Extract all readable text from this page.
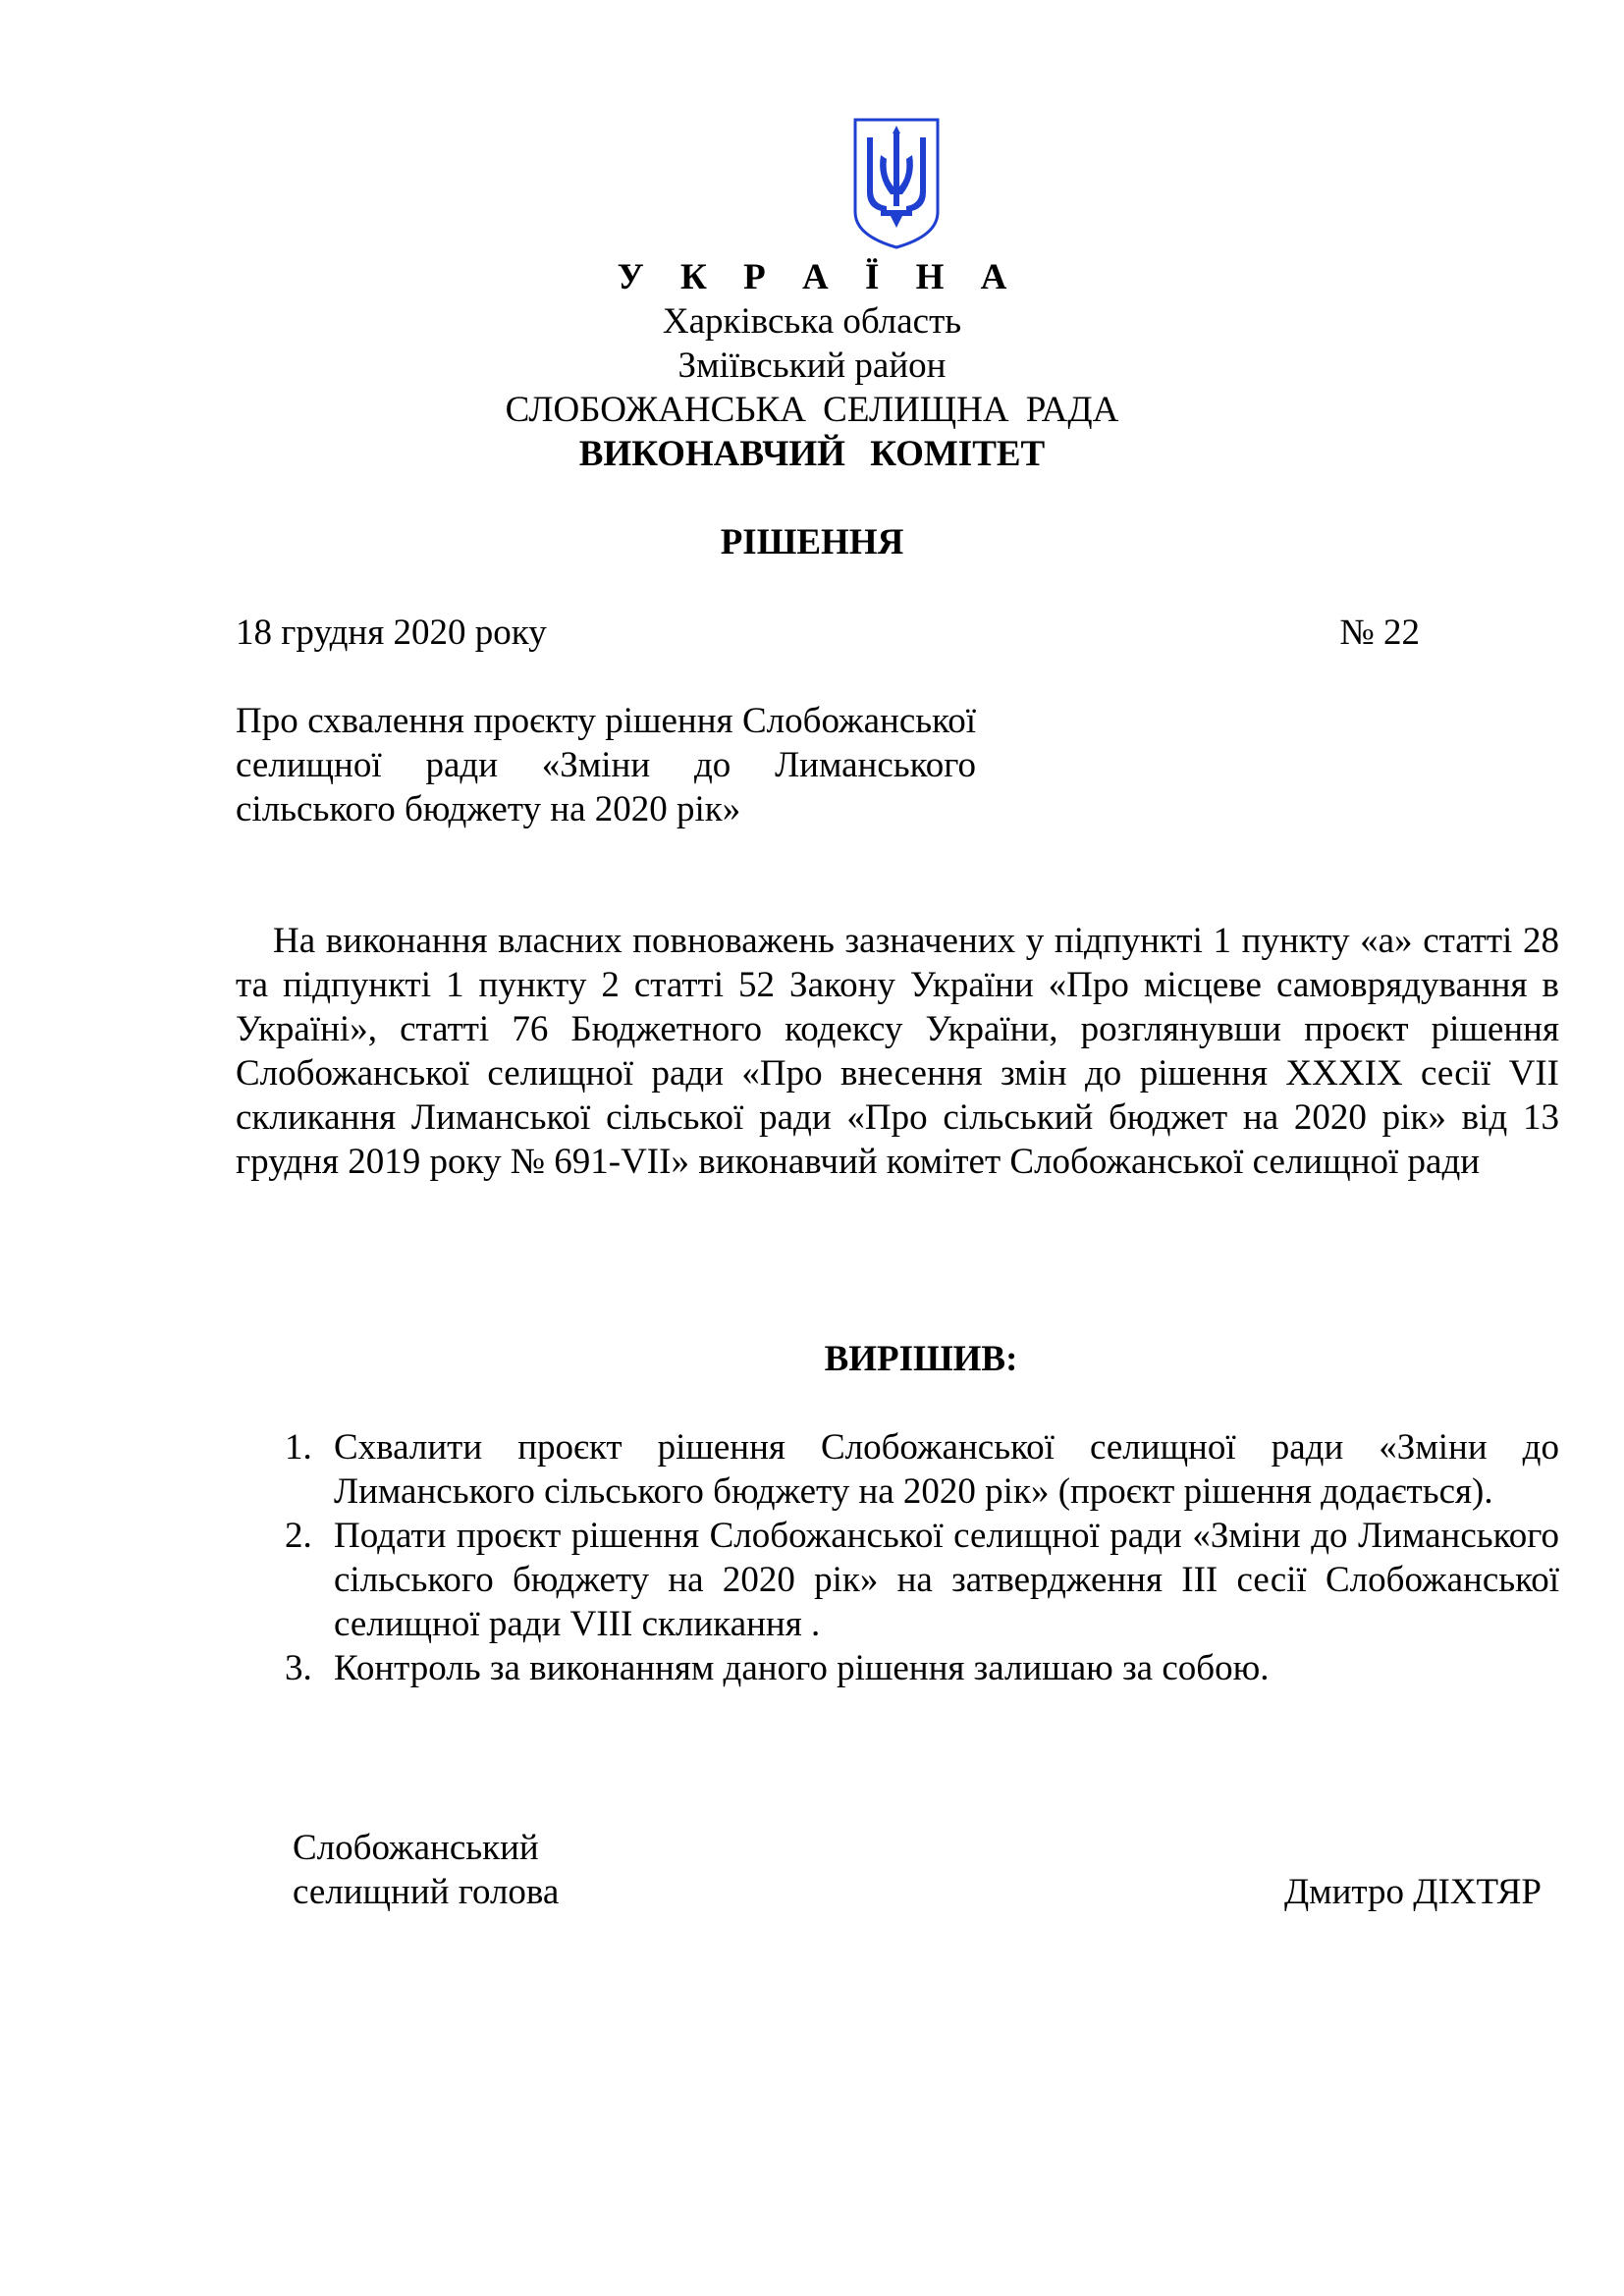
У К Р А Ї Н А
Харківська область
Зміївський район
СЛОБОЖАНСЬКА СЕЛИЩНА РАДА
ВИКОНАВЧИЙ КОМІТЕТ
РІШЕННЯ
18 грудня 2020 року	№ 22
Про схвалення проєкту рішення Слобожанської селищної ради «Зміни до Лиманського сільського бюджету на 2020 рік»
На виконання власних повноважень зазначених у підпункті 1 пункту «а» статті 28 та підпункті 1 пункту 2 статті 52 Закону України «Про місцеве самоврядування в Україні», статті 76 Бюджетного кодексу України, розглянувши проєкт рішення Слобожанської селищної ради «Про внесення змін до рішення XXXIX сесії VII скликання Лиманської сільської ради «Про сільський бюджет на 2020 рік» від 13 грудня 2019 року № 691-VII» виконавчий комітет Слобожанської селищної ради
ВИРІШИВ:
1. Схвалити проєкт рішення Слобожанської селищної ради «Зміни до Лиманського сільського бюджету на 2020 рік» (проєкт рішення додається).
2. Подати проєкт рішення Слобожанської селищної ради «Зміни до Лиманського сільського бюджету на 2020 рік» на затвердження ІІІ сесії Слобожанської селищної ради VІІІ скликання .
3. Контроль за виконанням даного рішення залишаю за собою.
Слобожанський
селищний голова	Дмитро ДІХТЯР
